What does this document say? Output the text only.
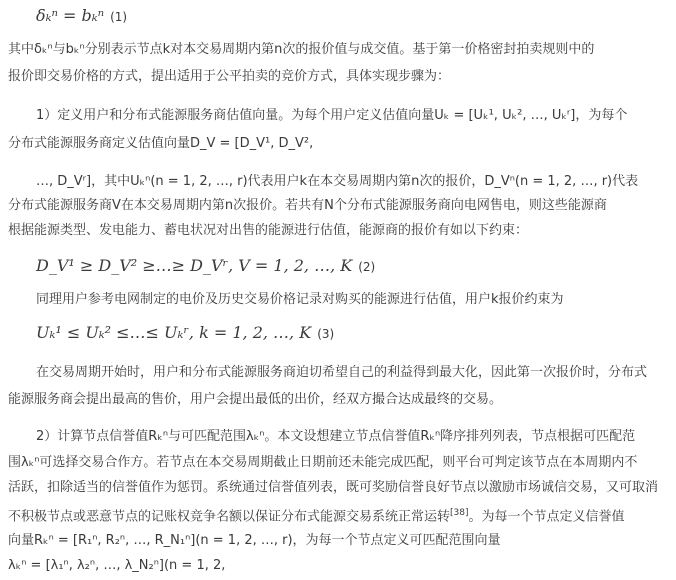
δₖⁿ = bₖⁿ (1)
其中δₖⁿ与bₖⁿ分别表示节点k对本交易周期内第n次的报价值与成交值。基于第一价格密封拍卖规则中的
报价即交易价格的方式，提出适用于公平拍卖的竞价方式，具体实现步骤为：
1）定义用户和分布式能源服务商估值向量。为每个用户定义估值向量Uₖ = [Uₖ¹, Uₖ², …, Uₖʳ]，为每个
分布式能源服务商定义估值向量D_V = [D_V¹, D_V²,
…, D_Vʳ]，其中Uₖⁿ(n = 1, 2, …, r)代表用户k在本交易周期内第n次的报价，D_Vⁿ(n = 1, 2, …, r)代表
分布式能源服务商V在本交易周期内第n次报价。若共有N个分布式能源服务商向电网售电，则这些能源商
根据能源类型、发电能力、蓄电状况对出售的能源进行估值，能源商的报价有如以下约束：
D_V¹ ≥ D_V² ≥…≥ D_Vʳ, V = 1, 2, …, K (2)
同理用户参考电网制定的电价及历史交易价格记录对购买的能源进行估值，用户k报价约束为
Uₖ¹ ≤ Uₖ² ≤…≤ Uₖʳ, k = 1, 2, …, K (3)
在交易周期开始时，用户和分布式能源服务商迫切希望自己的利益得到最大化，因此第一次报价时，分布式
能源服务商会提出最高的售价，用户会提出最低的出价，经双方撮合达成最终的交易。
2）计算节点信誉值Rₖⁿ与可匹配范围λₖⁿ。本文设想建立节点信誉值Rₖⁿ降序排列列表，节点根据可匹配范
围λₖⁿ可选择交易合作方。若节点在本交易周期截止日期前还未能完成匹配，则平台可判定该节点在本周期内不
活跃，扣除适当的信誉值作为惩罚。系统通过信誉值列表，既可奖励信誉良好节点以激励市场诚信交易，又可取消
不积极节点或恶意节点的记账权竞争名额以保证分布式能源交易系统正常运转[38]。为每一个节点定义信誉值
向量Rₖⁿ = [R₁ⁿ, R₂ⁿ, …, R_N₁ⁿ](n = 1, 2, …, r)，为每一个节点定义可匹配范围向量
λₖⁿ = [λ₁ⁿ, λ₂ⁿ, …, λ_N₂ⁿ](n = 1, 2,
